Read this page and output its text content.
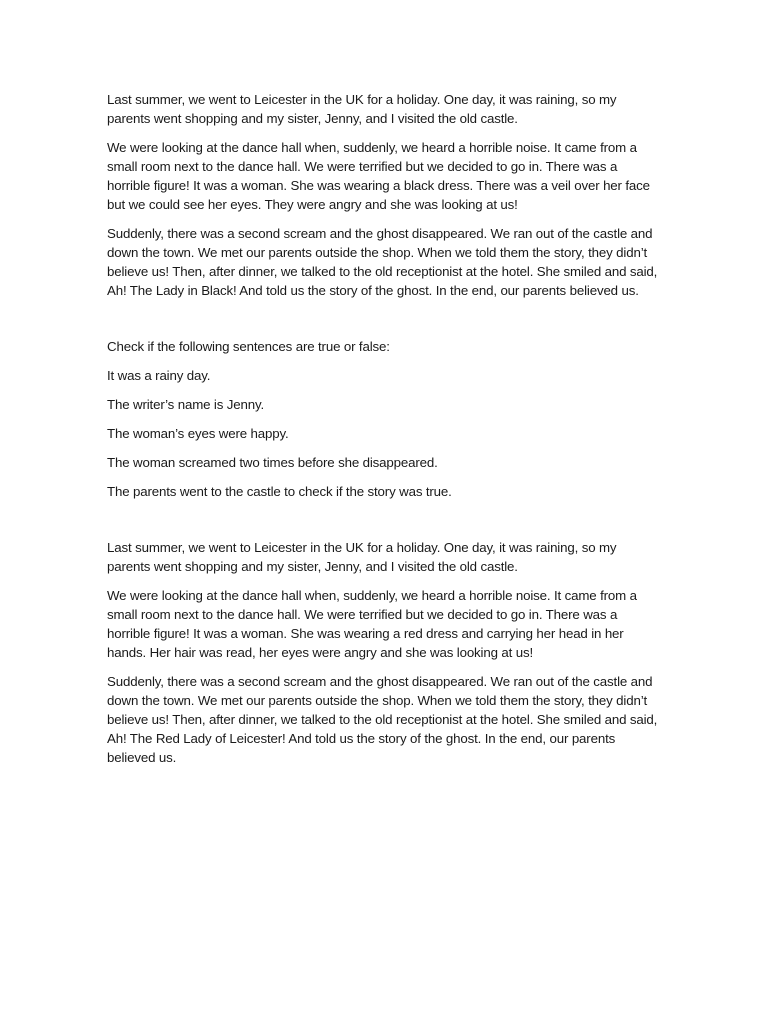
Last summer, we went to Leicester in the UK for a holiday. One day, it was raining, so my parents went shopping and my sister, Jenny, and I visited the old castle.

We were looking at the dance hall when, suddenly, we heard a horrible noise. It came from a small room next to the dance hall. We were terrified but we decided to go in. There was a horrible figure! It was a woman. She was wearing a black dress. There was a veil over her face but we could see her eyes. They were angry and she was looking at us!

Suddenly, there was a second scream and the ghost disappeared. We ran out of the castle and down the town. We met our parents outside the shop. When we told them the story, they didn’t believe us! Then, after dinner, we talked to the old receptionist at the hotel. She smiled and said, Ah! The Lady in Black! And told us the story of the ghost. In the end, our parents believed us.

Check if the following sentences are true or false:

It was a rainy day.

The writer’s name is Jenny.

The woman’s eyes were happy.

The woman screamed two times before she disappeared.

The parents went to the castle to check if the story was true.

Last summer, we went to Leicester in the UK for a holiday. One day, it was raining, so my parents went shopping and my sister, Jenny, and I visited the old castle.

We were looking at the dance hall when, suddenly, we heard a horrible noise. It came from a small room next to the dance hall. We were terrified but we decided to go in. There was a horrible figure! It was a woman. She was wearing a red dress and carrying her head in her hands. Her hair was read, her eyes were angry and she was looking at us!

Suddenly, there was a second scream and the ghost disappeared. We ran out of the castle and down the town. We met our parents outside the shop. When we told them the story, they didn’t believe us! Then, after dinner, we talked to the old receptionist at the hotel. She smiled and said, Ah! The Red Lady of Leicester! And told us the story of the ghost. In the end, our parents believed us.
